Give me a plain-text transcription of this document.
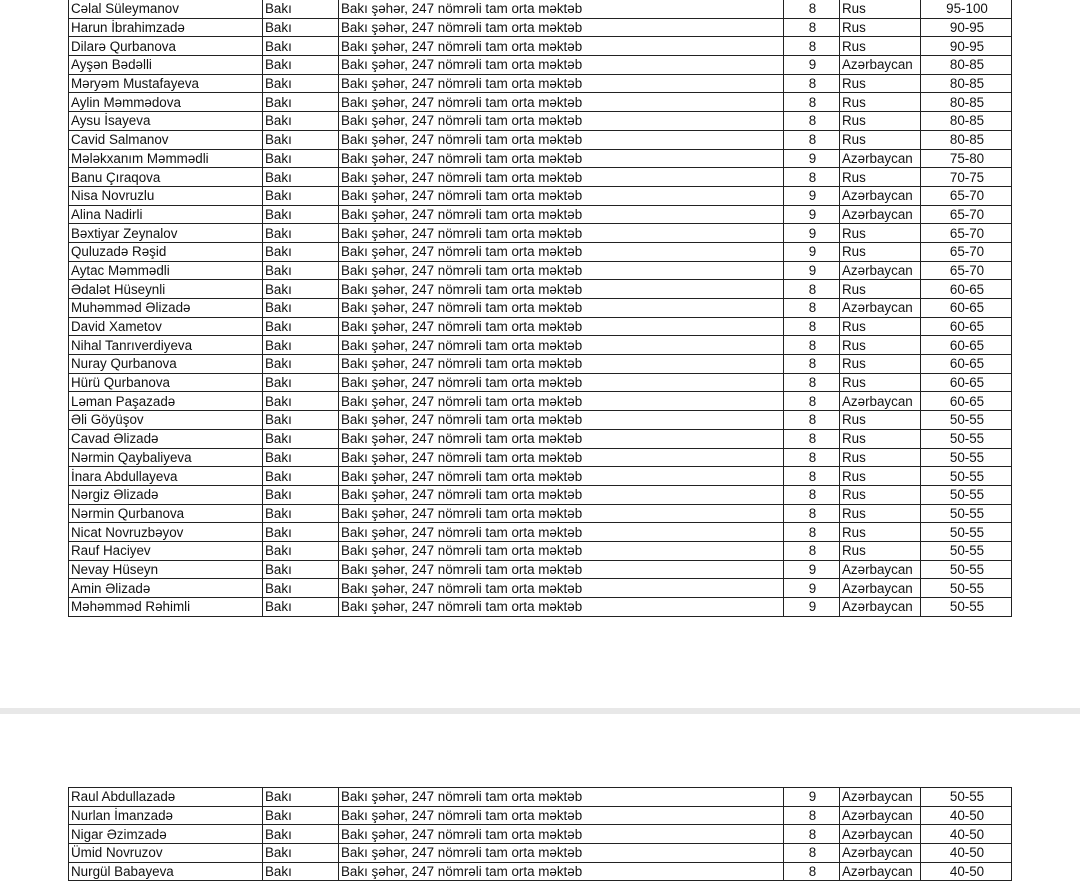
Cəlal Süleymanov	Bakı	Bakı şəhər, 247 nömrəli tam orta məktəb	8	Rus	95-100
Harun İbrahimzadə	Bakı	Bakı şəhər, 247 nömrəli tam orta məktəb	8	Rus	90-95
Dilarə Qurbanova	Bakı	Bakı şəhər, 247 nömrəli tam orta məktəb	8	Rus	90-95
Ayşən Bədəlli	Bakı	Bakı şəhər, 247 nömrəli tam orta məktəb	9	Azərbaycan	80-85
Məryəm Mustafayeva	Bakı	Bakı şəhər, 247 nömrəli tam orta məktəb	8	Rus	80-85
Aylin Məmmədova	Bakı	Bakı şəhər, 247 nömrəli tam orta məktəb	8	Rus	80-85
Aysu İsayeva	Bakı	Bakı şəhər, 247 nömrəli tam orta məktəb	8	Rus	80-85
Cavid Salmanov	Bakı	Bakı şəhər, 247 nömrəli tam orta məktəb	8	Rus	80-85
Mələkxanım Məmmədli	Bakı	Bakı şəhər, 247 nömrəli tam orta məktəb	9	Azərbaycan	75-80
Banu Çıraqova	Bakı	Bakı şəhər, 247 nömrəli tam orta məktəb	8	Rus	70-75
Nisa Novruzlu	Bakı	Bakı şəhər, 247 nömrəli tam orta məktəb	9	Azərbaycan	65-70
Alina Nadirli	Bakı	Bakı şəhər, 247 nömrəli tam orta məktəb	9	Azərbaycan	65-70
Bəxtiyar Zeynalov	Bakı	Bakı şəhər, 247 nömrəli tam orta məktəb	9	Rus	65-70
Quluzadə Rəşid	Bakı	Bakı şəhər, 247 nömrəli tam orta məktəb	9	Rus	65-70
Aytac Məmmədli	Bakı	Bakı şəhər, 247 nömrəli tam orta məktəb	9	Azərbaycan	65-70
Ədalət Hüseynli	Bakı	Bakı şəhər, 247 nömrəli tam orta məktəb	8	Rus	60-65
Muhəmməd Əlizadə	Bakı	Bakı şəhər, 247 nömrəli tam orta məktəb	8	Azərbaycan	60-65
David Xametov	Bakı	Bakı şəhər, 247 nömrəli tam orta məktəb	8	Rus	60-65
Nihal Tanrıverdiyeva	Bakı	Bakı şəhər, 247 nömrəli tam orta məktəb	8	Rus	60-65
Nuray Qurbanova	Bakı	Bakı şəhər, 247 nömrəli tam orta məktəb	8	Rus	60-65
Hürü Qurbanova	Bakı	Bakı şəhər, 247 nömrəli tam orta məktəb	8	Rus	60-65
Ləman Paşazadə	Bakı	Bakı şəhər, 247 nömrəli tam orta məktəb	8	Azərbaycan	60-65
Əli Göyüşov	Bakı	Bakı şəhər, 247 nömrəli tam orta məktəb	8	Rus	50-55
Cavad Əlizadə	Bakı	Bakı şəhər, 247 nömrəli tam orta məktəb	8	Rus	50-55
Nərmin Qaybaliyeva	Bakı	Bakı şəhər, 247 nömrəli tam orta məktəb	8	Rus	50-55
İnara Abdullayeva	Bakı	Bakı şəhər, 247 nömrəli tam orta məktəb	8	Rus	50-55
Nərgiz Əlizadə	Bakı	Bakı şəhər, 247 nömrəli tam orta məktəb	8	Rus	50-55
Nərmin Qurbanova	Bakı	Bakı şəhər, 247 nömrəli tam orta məktəb	8	Rus	50-55
Nicat Novruzbəyov	Bakı	Bakı şəhər, 247 nömrəli tam orta məktəb	8	Rus	50-55
Rauf Haciyev	Bakı	Bakı şəhər, 247 nömrəli tam orta məktəb	8	Rus	50-55
Nevay Hüseyn	Bakı	Bakı şəhər, 247 nömrəli tam orta məktəb	9	Azərbaycan	50-55
Amin Əlizadə	Bakı	Bakı şəhər, 247 nömrəli tam orta məktəb	9	Azərbaycan	50-55
Məhəmməd Rəhimli	Bakı	Bakı şəhər, 247 nömrəli tam orta məktəb	9	Azərbaycan	50-55
Raul Abdullazadə	Bakı	Bakı şəhər, 247 nömrəli tam orta məktəb	9	Azərbaycan	50-55
Nurlan İmanzadə	Bakı	Bakı şəhər, 247 nömrəli tam orta məktəb	8	Azərbaycan	40-50
Nigar Əzimzadə	Bakı	Bakı şəhər, 247 nömrəli tam orta məktəb	8	Azərbaycan	40-50
Ümid Novruzov	Bakı	Bakı şəhər, 247 nömrəli tam orta məktəb	8	Azərbaycan	40-50
Nurgül Babayeva	Bakı	Bakı şəhər, 247 nömrəli tam orta məktəb	8	Azərbaycan	40-50
